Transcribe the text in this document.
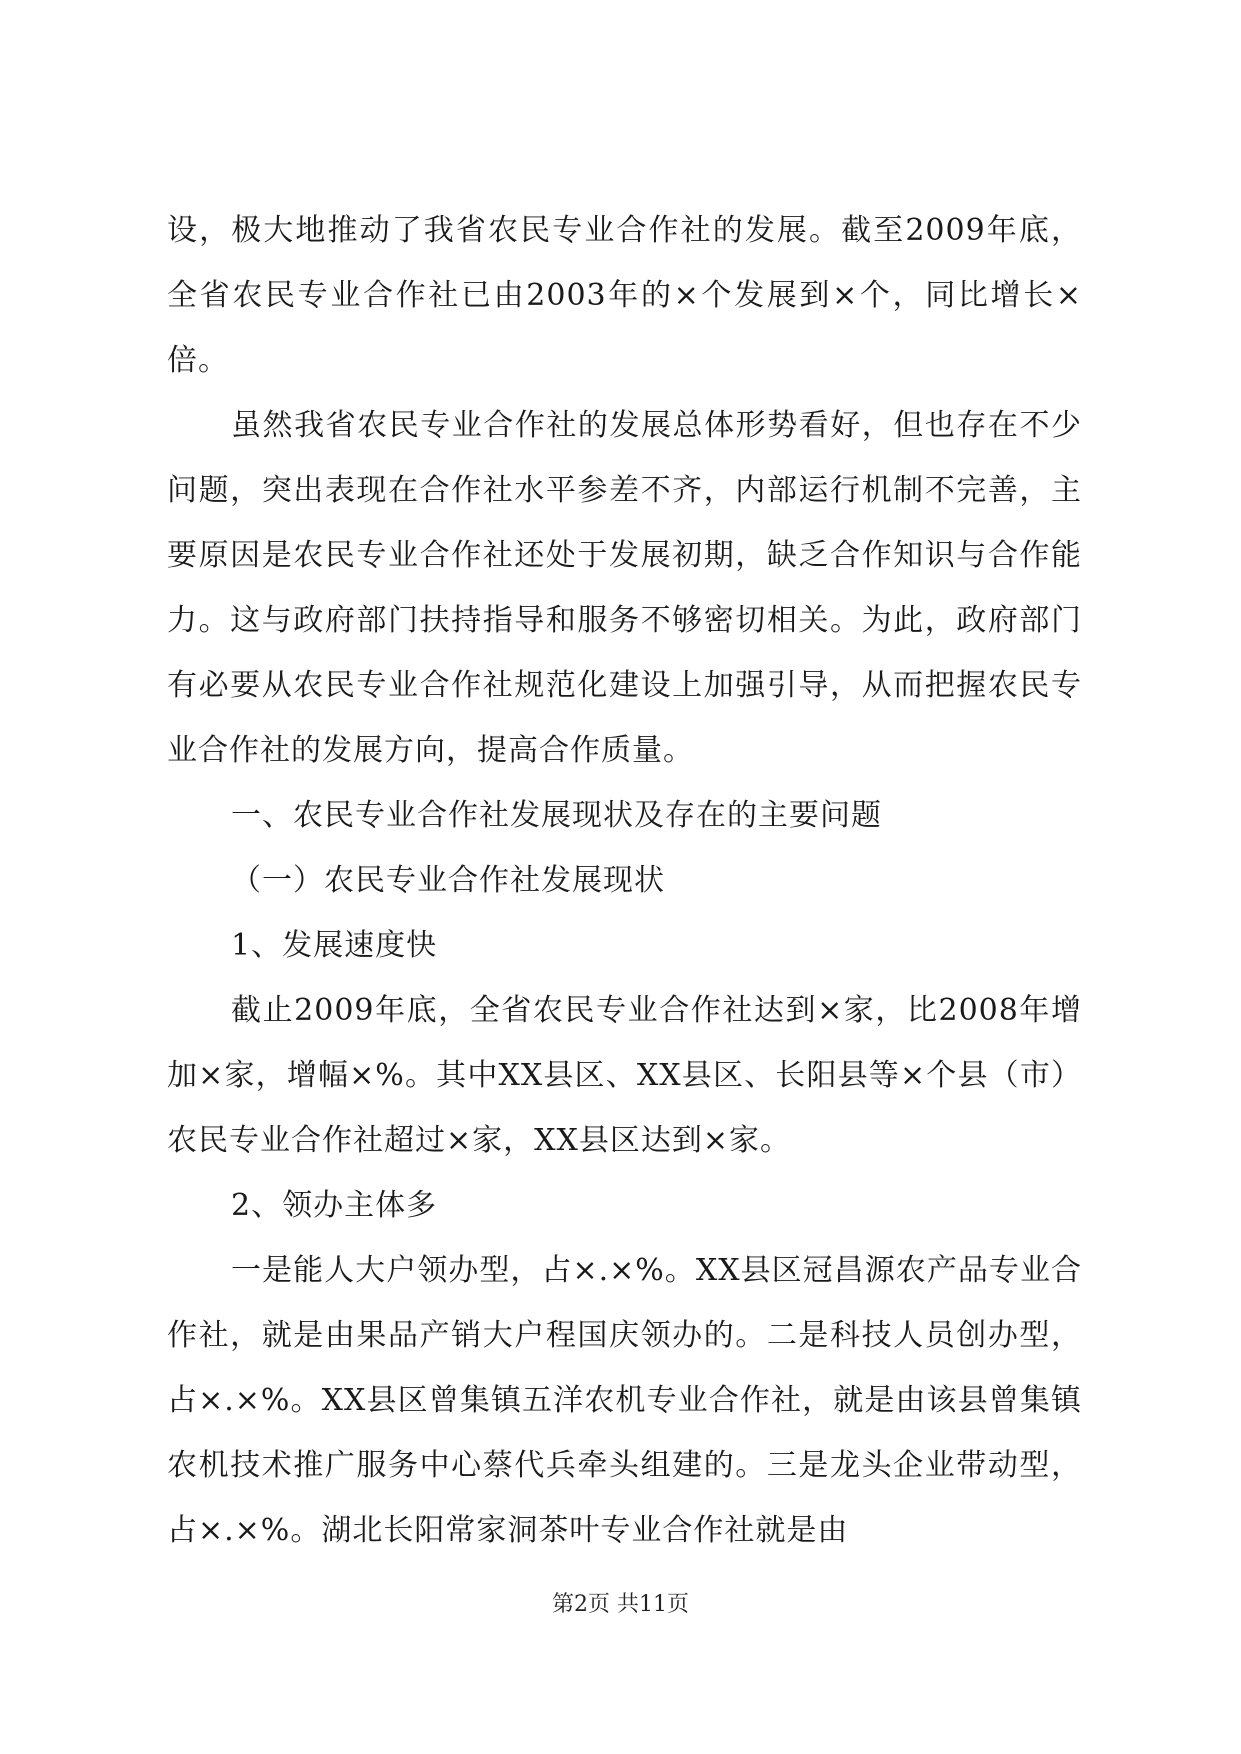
设，极大地推动了我省农民专业合作社的发展。截至2009年底，全省农民专业合作社已由2003年的×个发展到×个，同比增长×倍。

虽然我省农民专业合作社的发展总体形势看好，但也存在不少问题，突出表现在合作社水平参差不齐，内部运行机制不完善，主要原因是农民专业合作社还处于发展初期，缺乏合作知识与合作能力。这与政府部门扶持指导和服务不够密切相关。为此，政府部门有必要从农民专业合作社规范化建设上加强引导，从而把握农民专业合作社的发展方向，提高合作质量。

一、农民专业合作社发展现状及存在的主要问题

（一）农民专业合作社发展现状

1、发展速度快

截止2009年底，全省农民专业合作社达到×家，比2008年增加×家，增幅×%。其中XX县区、XX县区、长阳县等×个县（市）农民专业合作社超过×家，XX县区达到×家。

2、领办主体多

一是能人大户领办型，占×.×%。XX县区冠昌源农产品专业合作社，就是由果品产销大户程国庆领办的。二是科技人员创办型，占×.×%。XX县区曾集镇五洋农机专业合作社，就是由该县曾集镇农机技术推广服务中心蔡代兵牵头组建的。三是龙头企业带动型，占×.×%。湖北长阳常家洞茶叶专业合作社就是由

第2页 共11页
